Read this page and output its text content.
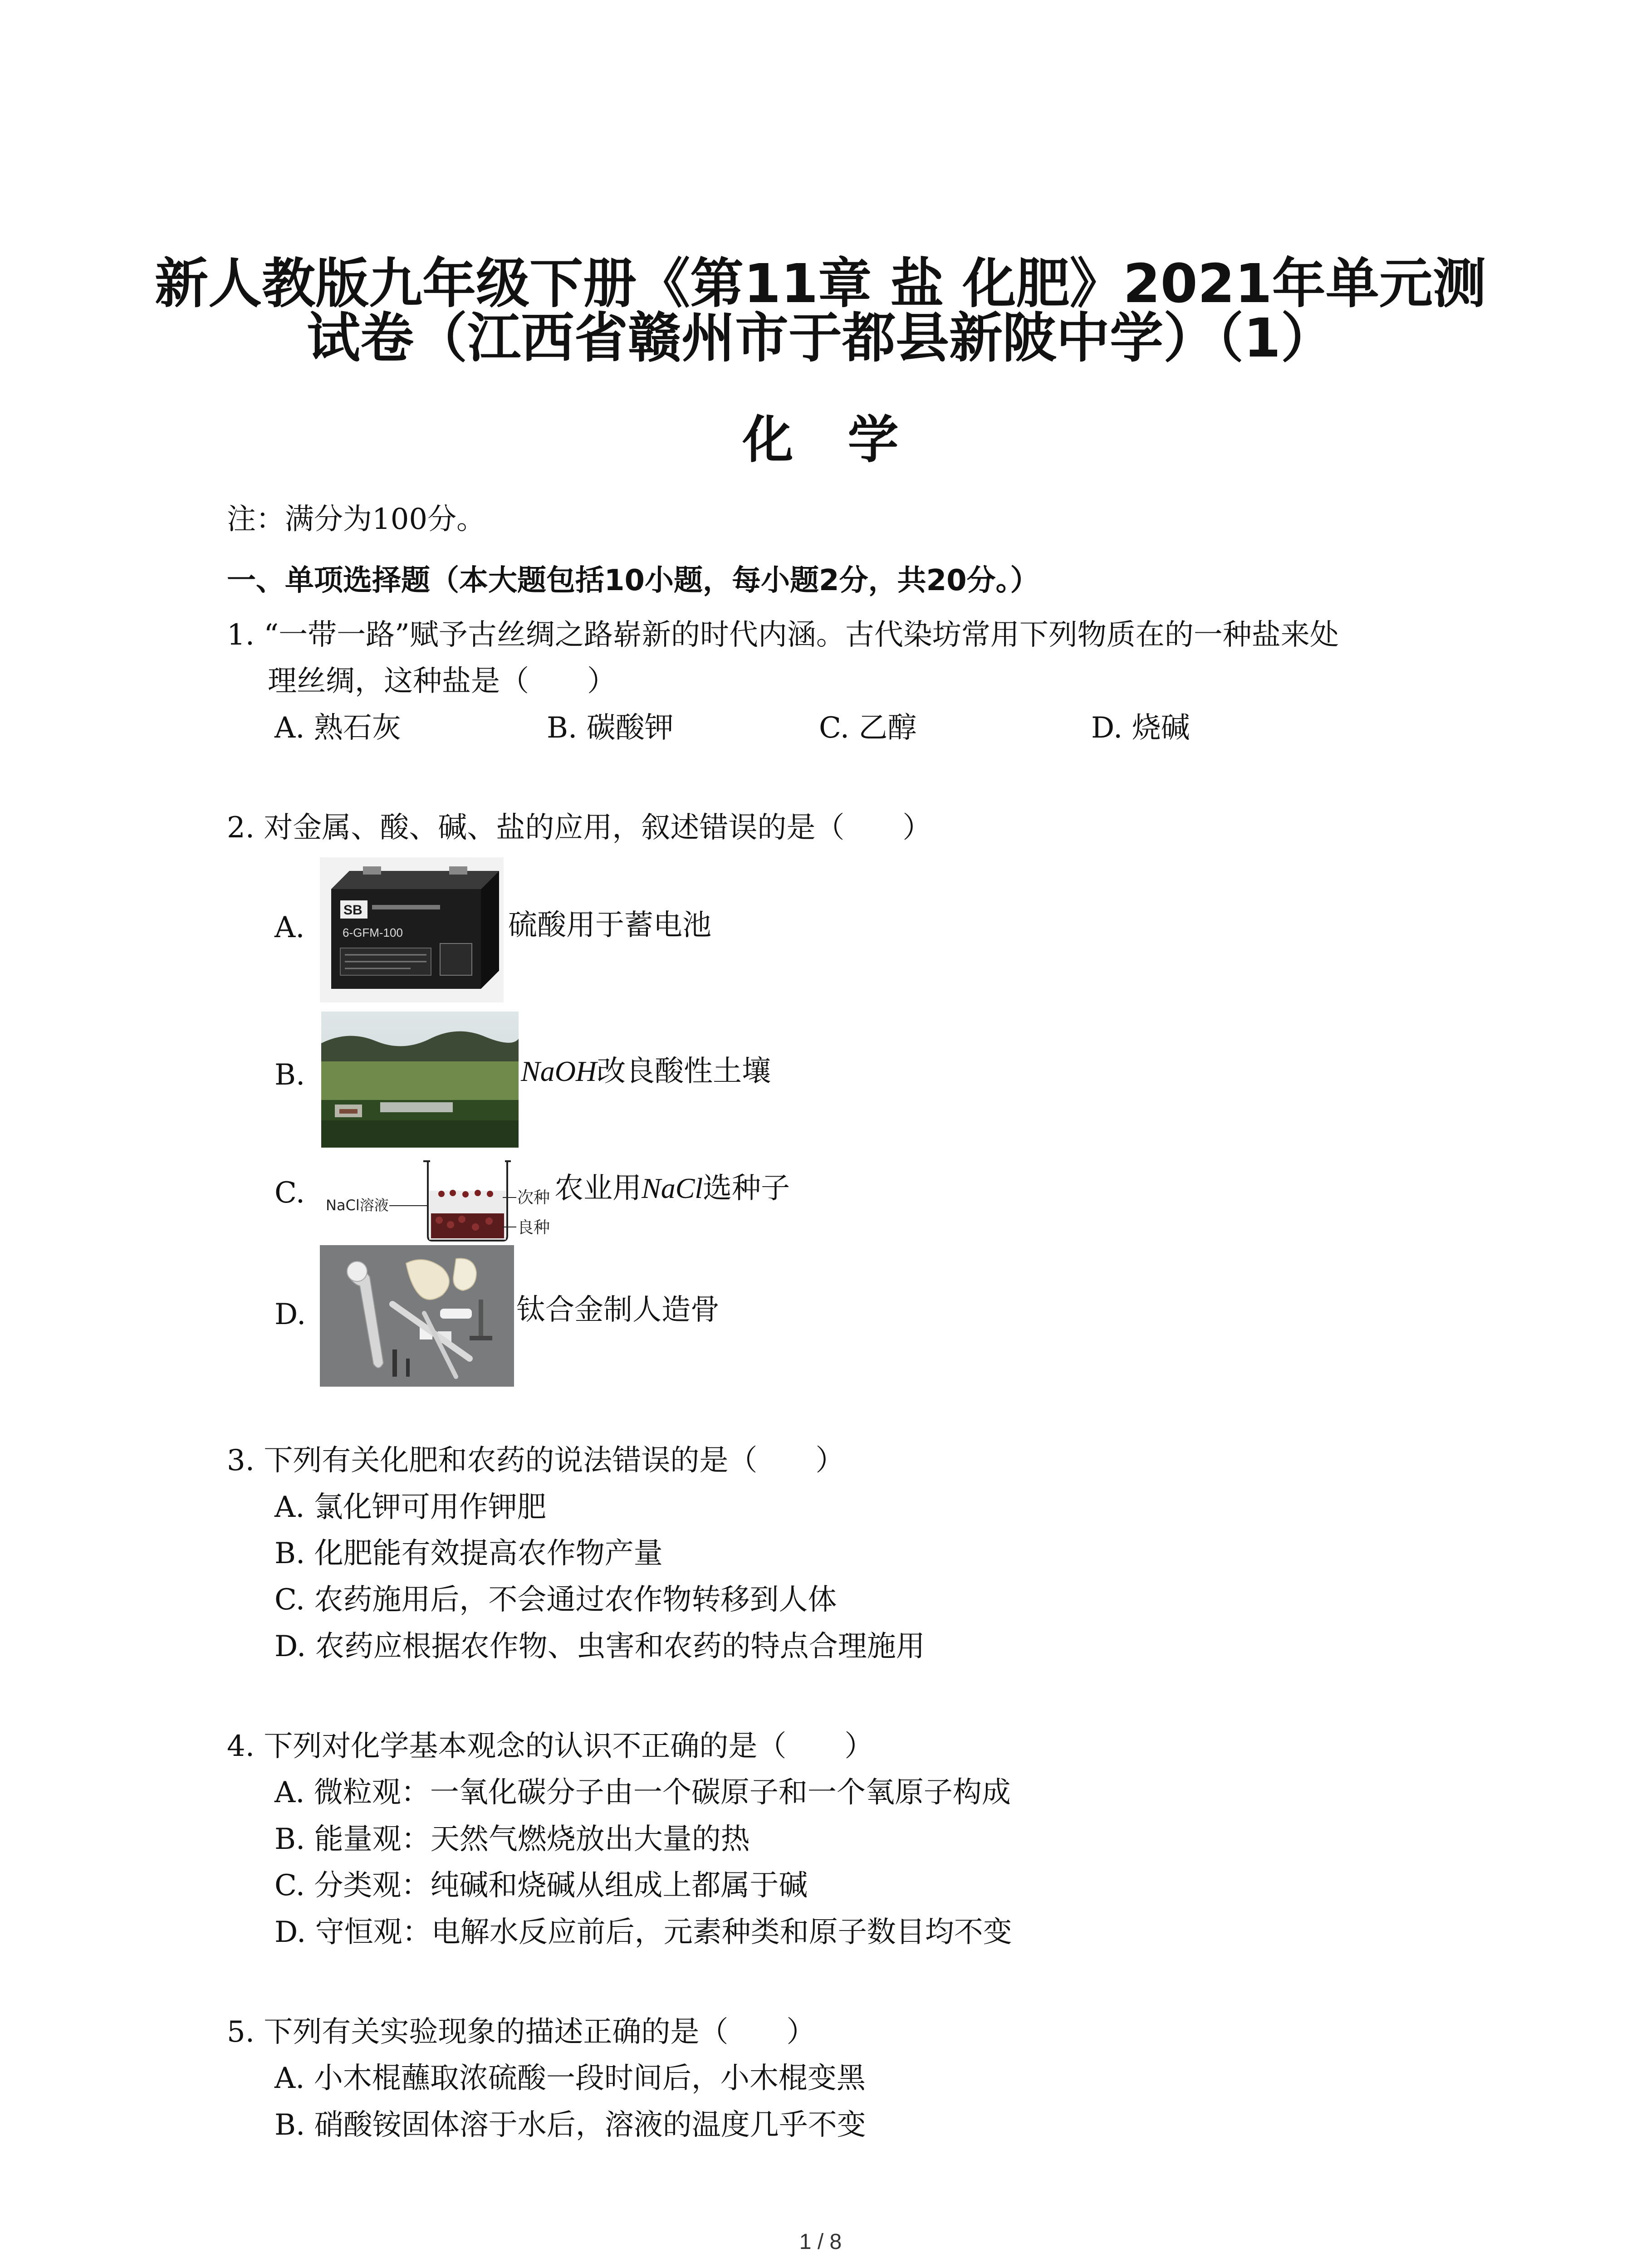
新人教版九年级下册《第11章 盐 化肥》2021年单元测
试卷（江西省赣州市于都县新陂中学）（1）
化学
注：满分为100分。
一、单项选择题（本大题包括10小题，每小题2分，共20分。）
1. “一带一路”赋予古丝绸之路崭新的时代内涵。古代染坊常用下列物质在的一种盐来处
理丝绸，这种盐是（　　）
A. 熟石灰	B. 碳酸钾	C. 乙醇	D. 烧碱
2. 对金属、酸、碱、盐的应用，叙述错误的是（　　）
A.
SB
6-GFM-100	硫酸用于蓄电池
B.	NaOH改良酸性土壤
C. NaCl溶液	次种
良种
农业用NaCl选种子
D.	钛合金制人造骨
3. 下列有关化肥和农药的说法错误的是（　　）
A. 氯化钾可用作钾肥
B. 化肥能有效提高农作物产量
C. 农药施用后，不会通过农作物转移到人体
D. 农药应根据农作物、虫害和农药的特点合理施用
4. 下列对化学基本观念的认识不正确的是（　　）
A. 微粒观：一氧化碳分子由一个碳原子和一个氧原子构成
B. 能量观：天然气燃烧放出大量的热
C. 分类观：纯碱和烧碱从组成上都属于碱
D. 守恒观：电解水反应前后，元素种类和原子数目均不变
5. 下列有关实验现象的描述正确的是（　　）
A. 小木棍蘸取浓硫酸一段时间后，小木棍变黑
B. 硝酸铵固体溶于水后，溶液的温度几乎不变
1 / 8
